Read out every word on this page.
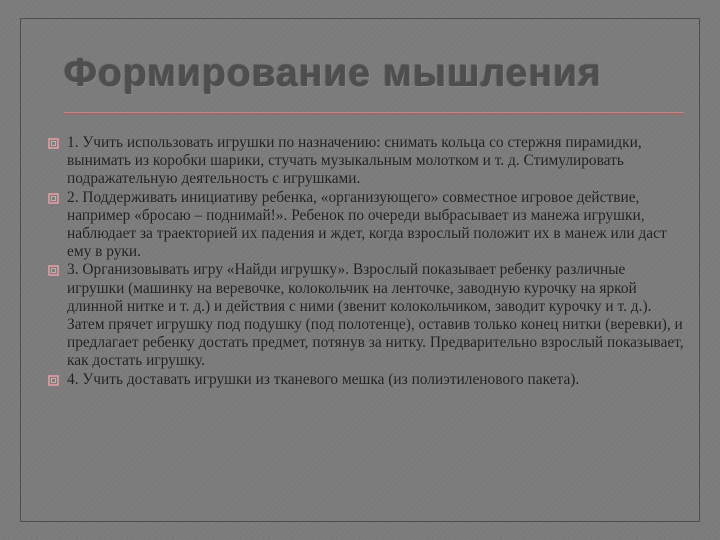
Формирование мышления
1. Учить использовать игрушки по назначению: снимать кольца со стержня пирамидки, вынимать из коробки шарики, стучать музыкальным молотком и т. д. Стимулировать подражательную деятельность с игрушками.
2. Поддерживать инициативу ребенка, «организующего» совместное игровое действие, например «бросаю – поднимай!». Ребенок по очереди выбрасывает из манежа игрушки, наблюдает за траекторией их падения и ждет, когда взрослый положит их в манеж или даст ему в руки.
3. Организовывать игру «Найди игрушку». Взрослый показывает ребенку различные игрушки (машинку на веревочке, колокольчик на ленточке, заводную курочку на яркой длинной нитке и т. д.) и действия с ними (звенит колокольчиком, заводит курочку и т. д.). Затем прячет игрушку под подушку (под полотенце), оставив только конец нитки (веревки), и предлагает ребенку достать предмет, потянув за нитку. Предварительно взрослый показывает, как достать игрушку.
4. Учить доставать игрушки из тканевого мешка (из полиэтиленового пакета).
